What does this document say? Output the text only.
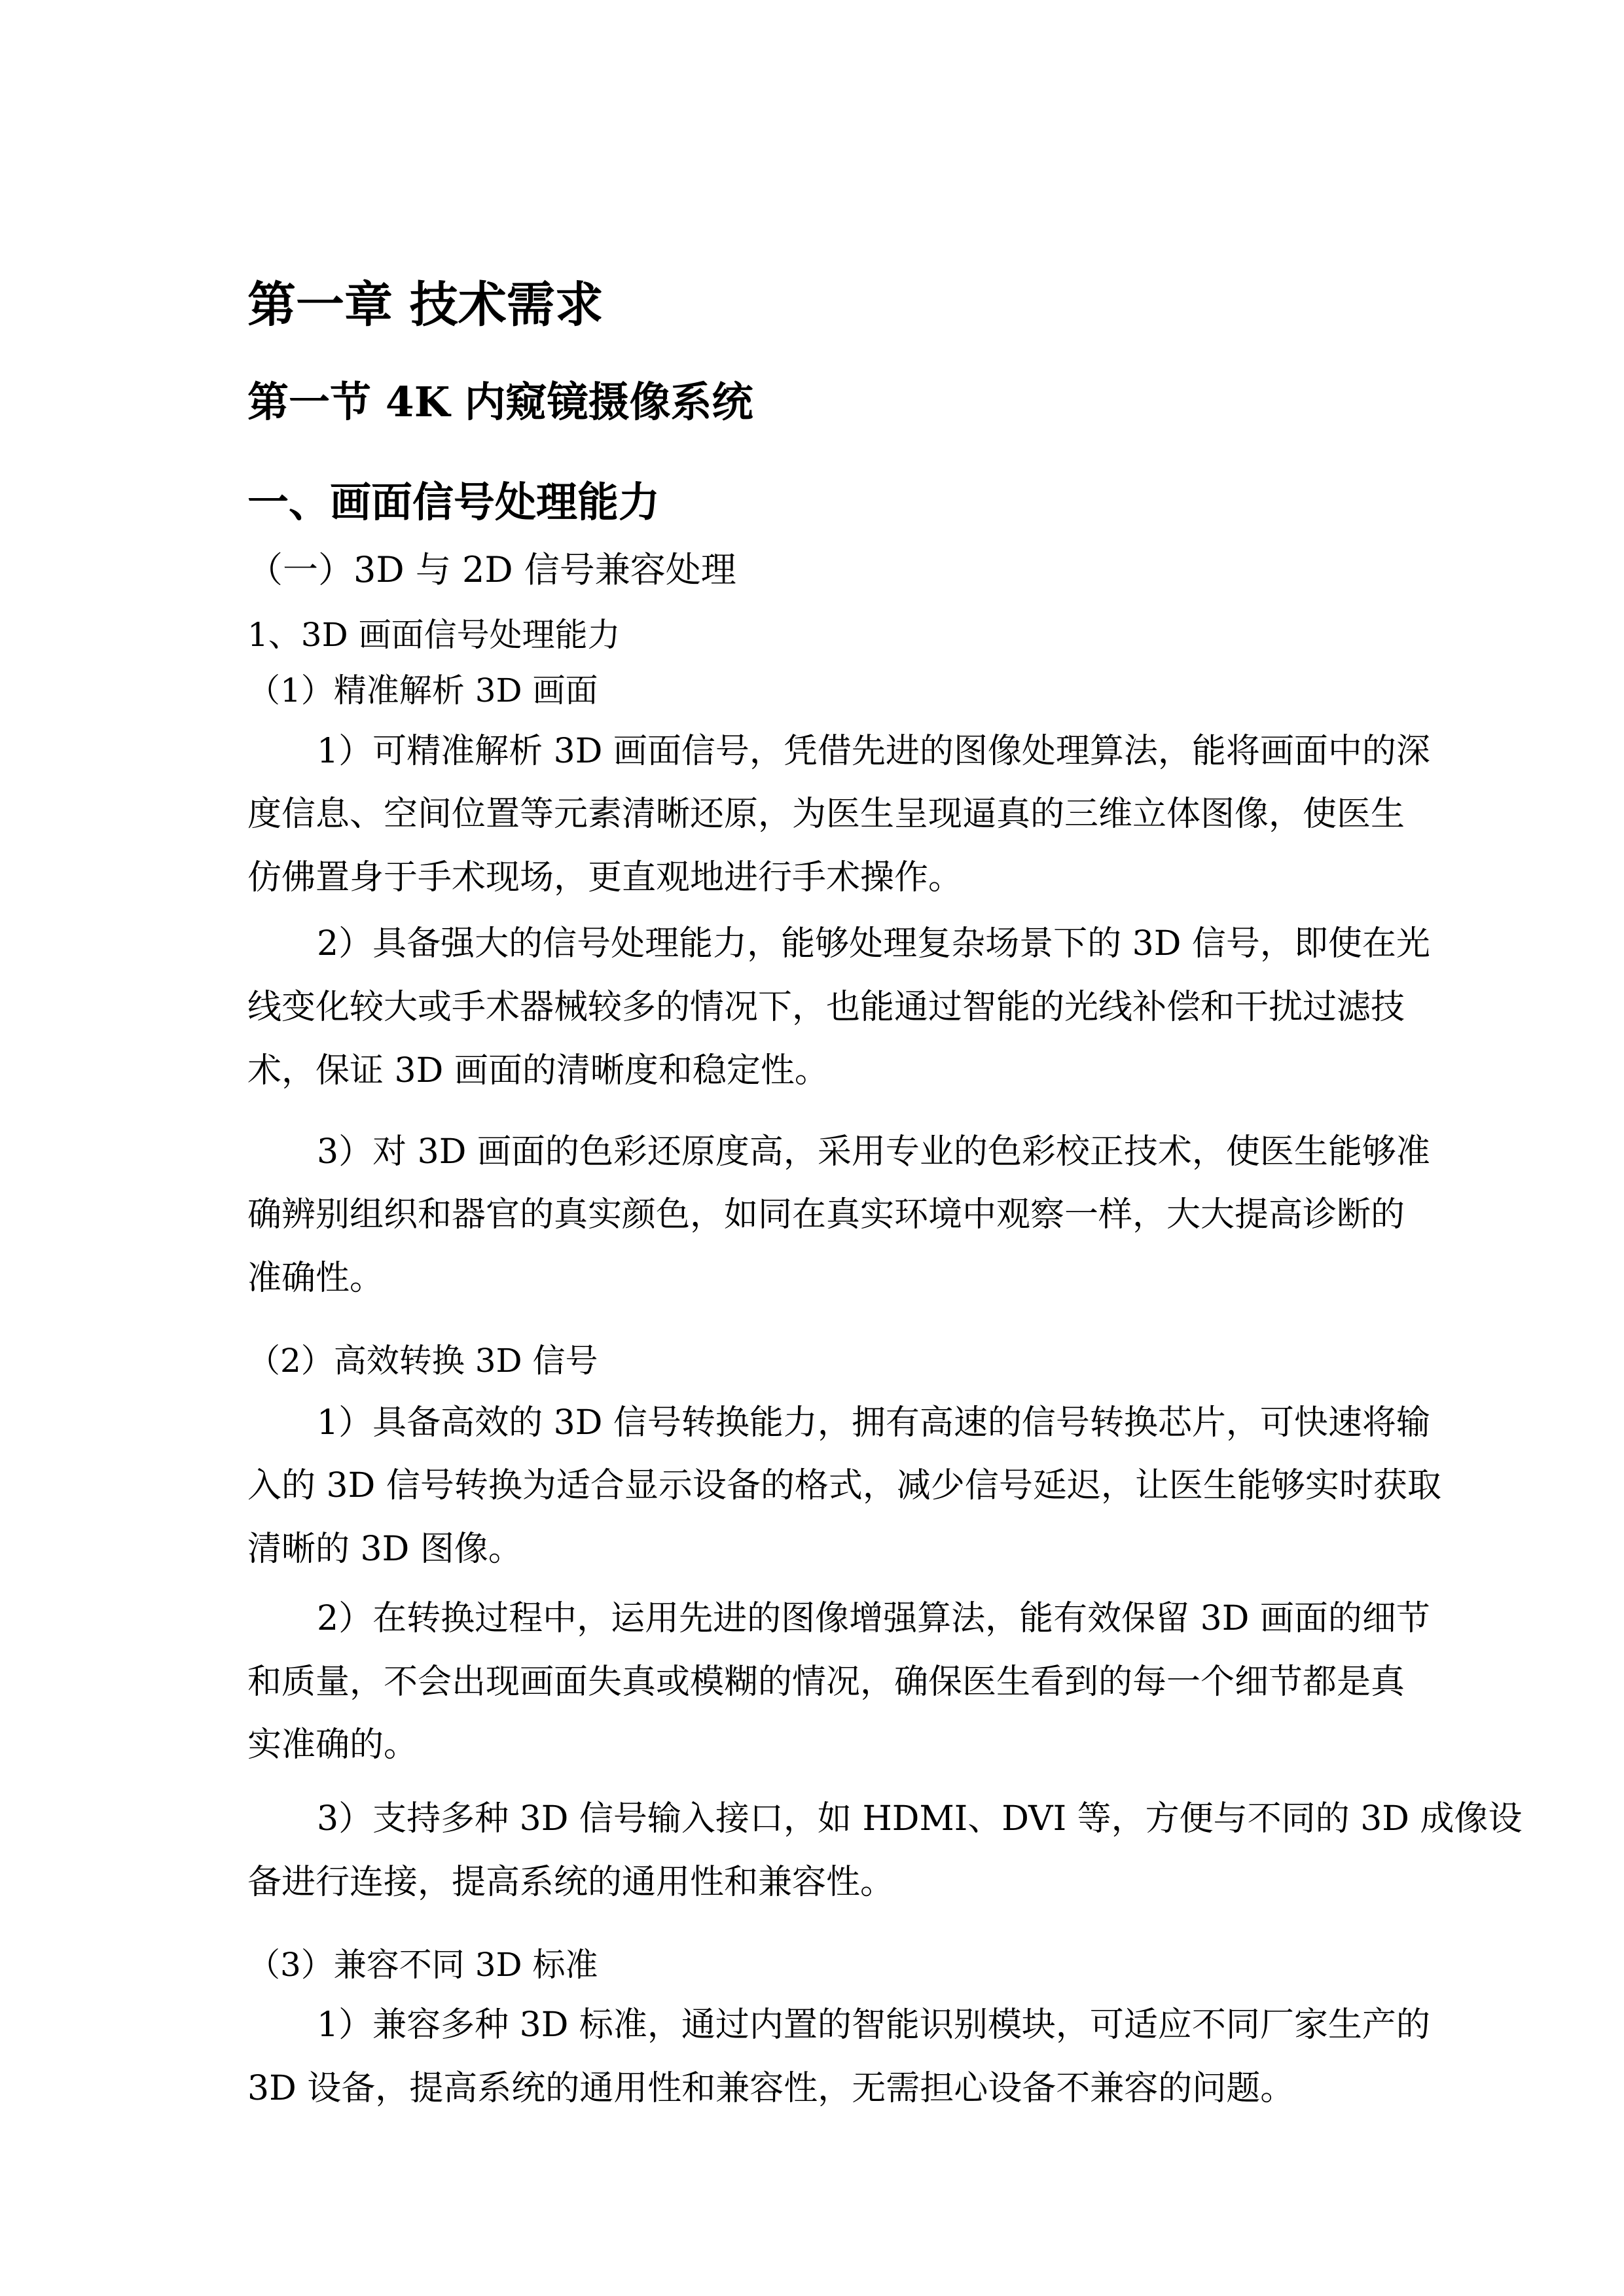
第一章 技术需求
第一节 4K 内窥镜摄像系统
一、画面信号处理能力
（一）3D 与 2D 信号兼容处理
1、3D 画面信号处理能力
（1）精准解析 3D 画面
1）可精准解析 3D 画面信号，凭借先进的图像处理算法，能将画面中的深
度信息、空间位置等元素清晰还原，为医生呈现逼真的三维立体图像，使医生
仿佛置身于手术现场，更直观地进行手术操作。
2）具备强大的信号处理能力，能够处理复杂场景下的 3D 信号，即使在光
线变化较大或手术器械较多的情况下，也能通过智能的光线补偿和干扰过滤技
术，保证 3D 画面的清晰度和稳定性。
3）对 3D 画面的色彩还原度高，采用专业的色彩校正技术，使医生能够准
确辨别组织和器官的真实颜色，如同在真实环境中观察一样，大大提高诊断的
准确性。
（2）高效转换 3D 信号
1）具备高效的 3D 信号转换能力，拥有高速的信号转换芯片，可快速将输
入的 3D 信号转换为适合显示设备的格式，减少信号延迟，让医生能够实时获取
清晰的 3D 图像。
2）在转换过程中，运用先进的图像增强算法，能有效保留 3D 画面的细节
和质量，不会出现画面失真或模糊的情况，确保医生看到的每一个细节都是真
实准确的。
3）支持多种 3D 信号输入接口，如 HDMI、DVI 等，方便与不同的 3D 成像设
备进行连接，提高系统的通用性和兼容性。
（3）兼容不同 3D 标准
1）兼容多种 3D 标准，通过内置的智能识别模块，可适应不同厂家生产的
3D 设备，提高系统的通用性和兼容性，无需担心设备不兼容的问题。
